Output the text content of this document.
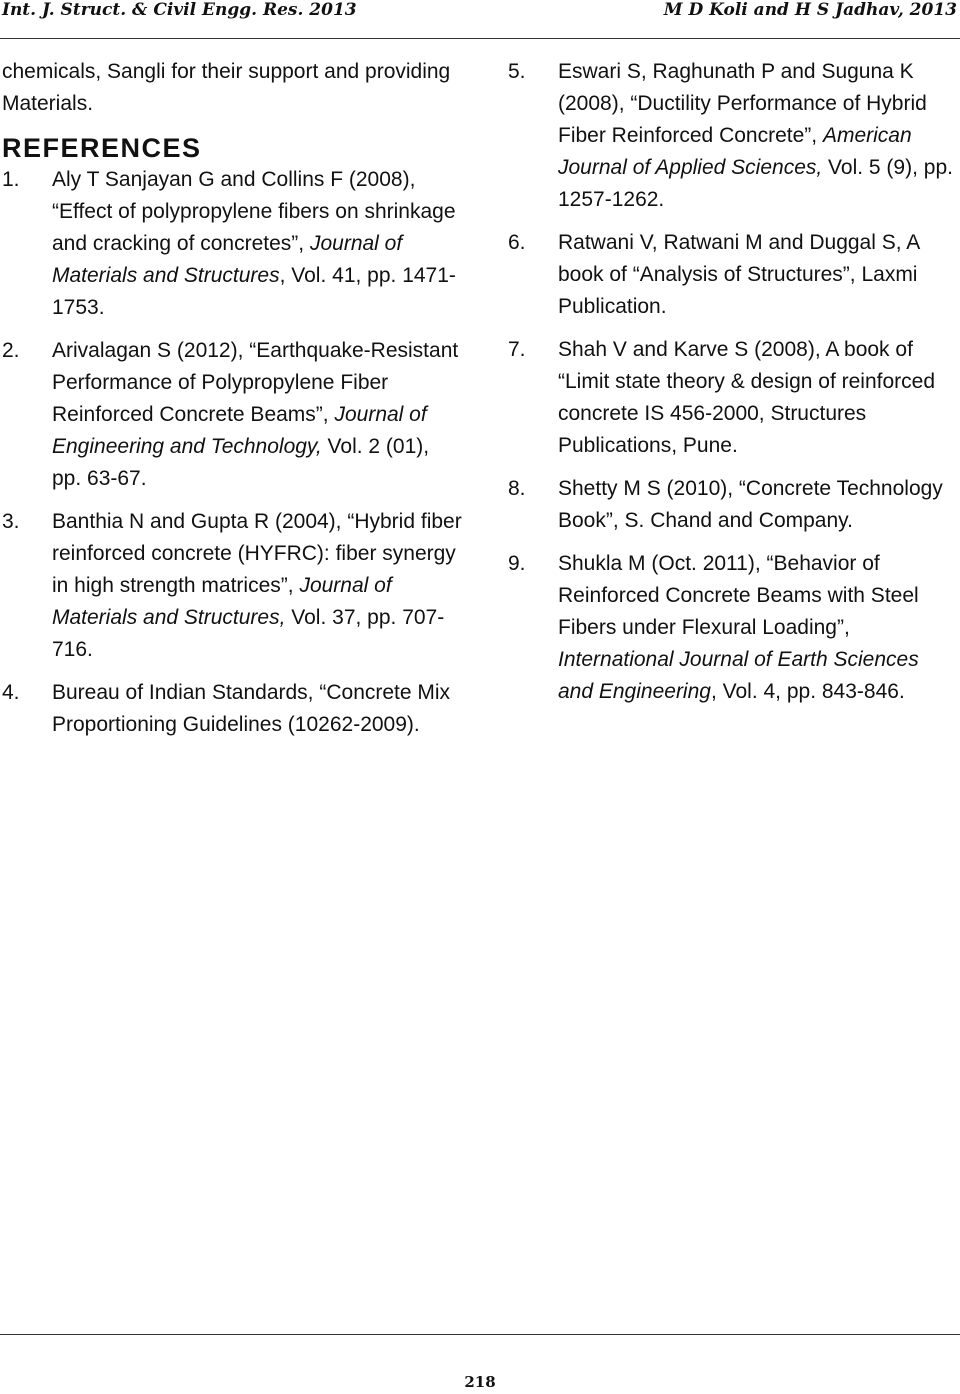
Int. J. Struct. & Civil Engg. Res. 2013	M D Koli and H S Jadhav, 2013

chemicals, Sangli for their support and providing Materials.

REFERENCES
1.	Aly T Sanjayan G and Collins F (2008), “Effect of polypropylene fibers on shrinkage and cracking of concretes”, Journal of Materials and Structures, Vol. 41, pp. 1471-1753.
2.	Arivalagan S (2012), “Earthquake-Resistant Performance of Polypropylene Fiber Reinforced Concrete Beams”, Journal of Engineering and Technology, Vol. 2 (01), pp. 63-67.
3.	Banthia N and Gupta R (2004), “Hybrid fiber reinforced concrete (HYFRC): fiber synergy in high strength matrices”, Journal of Materials and Structures, Vol. 37, pp. 707-716.
4.	Bureau of Indian Standards, “Concrete Mix Proportioning Guidelines (10262-2009).
5.	Eswari S, Raghunath P and Suguna K (2008), “Ductility Performance of Hybrid Fiber Reinforced Concrete”, American Journal of Applied Sciences, Vol. 5 (9), pp. 1257-1262.
6.	Ratwani V, Ratwani M and Duggal S, A book of “Analysis of Structures”, Laxmi Publication.
7.	Shah V and Karve S (2008), A book of “Limit state theory & design of reinforced concrete IS 456-2000, Structures Publications, Pune.
8.	Shetty M S (2010), “Concrete Technology Book”, S. Chand and Company.
9.	Shukla M (Oct. 2011), “Behavior of Reinforced Concrete Beams with Steel Fibers under Flexural Loading”, International Journal of Earth Sciences and Engineering, Vol. 4, pp. 843-846.
218
